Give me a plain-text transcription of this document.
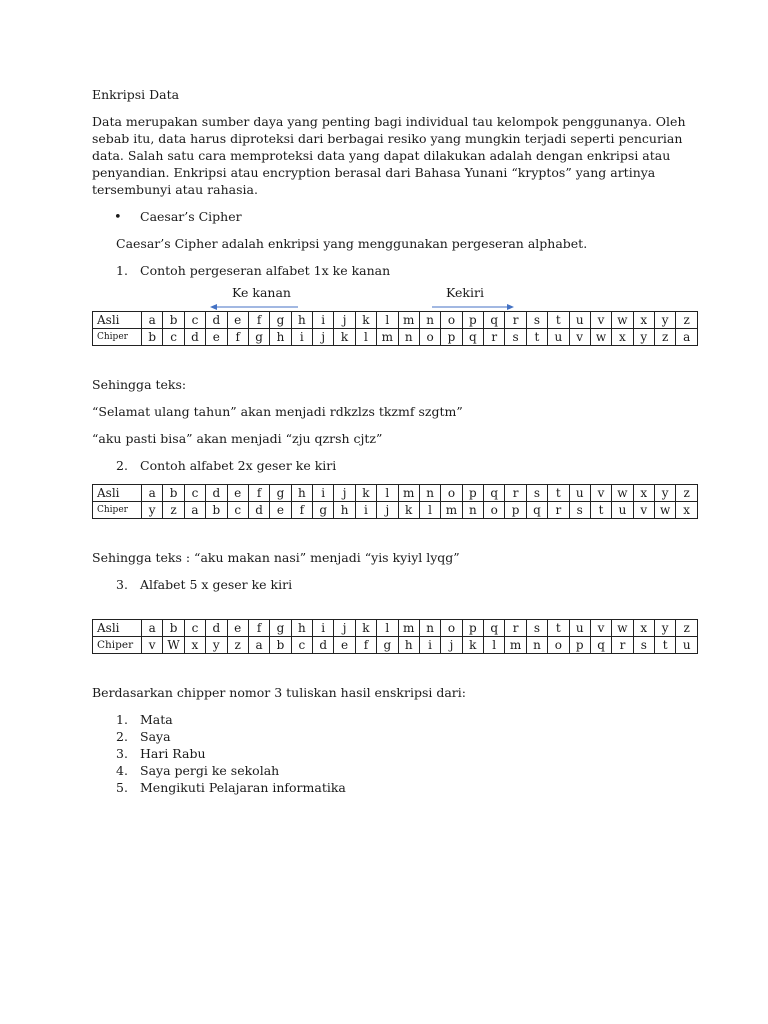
Enkripsi Data

Data merupakan sumber daya yang penting bagi individual tau kelompok penggunanya. Oleh sebab itu, data harus diproteksi dari berbagai resiko yang mungkin terjadi seperti pencurian data. Salah satu cara memproteksi data yang dapat dilakukan adalah dengan enkripsi atau penyandian. Enkripsi atau encryption berasal dari Bahasa Yunani “kryptos” yang artinya tersembunyi atau rahasia.

• Caesar’s Cipher

Caesar’s Cipher adalah enkripsi yang menggunakan pergeseran alphabet.

1. Contoh pergeseran alfabet 1x ke kanan

Ke kanan	Kekiri
Asli	a	b	c	d	e	f	g	h	i	j	k	l	m	n	o	p	q	r	s	t	u	v	w	x	y	z
Chiper	b	c	d	e	f	g	h	i	j	k	l	m	n	o	p	q	r	s	t	u	v	w	x	y	z	a

Sehingga teks:

“Selamat ulang tahun” akan menjadi rdkzlzs tkzmf szgtm”

“aku pasti bisa” akan menjadi “zju qzrsh cjtz”

2. Contoh alfabet 2x geser ke kiri

Asli	a	b	c	d	e	f	g	h	i	j	k	l	m	n	o	p	q	r	s	t	u	v	w	x	y	z
Chiper	y	z	a	b	c	d	e	f	g	h	i	j	k	l	m	n	o	p	q	r	s	t	u	v	w	x

Sehingga teks : “aku makan nasi” menjadi “yis kyiyl lyqg”

3. Alfabet 5 x geser ke kiri

Asli	a	b	c	d	e	f	g	h	i	j	k	l	m	n	o	p	q	r	s	t	u	v	w	x	y	z
Chiper	v	W	x	y	z	a	b	c	d	e	f	g	h	i	j	k	l	m	n	o	p	q	r	s	t	u

Berdasarkan chipper nomor 3 tuliskan hasil enskripsi dari:

1. Mata
2. Saya
3. Hari Rabu
4. Saya pergi ke sekolah
5. Mengikuti Pelajaran informatika
